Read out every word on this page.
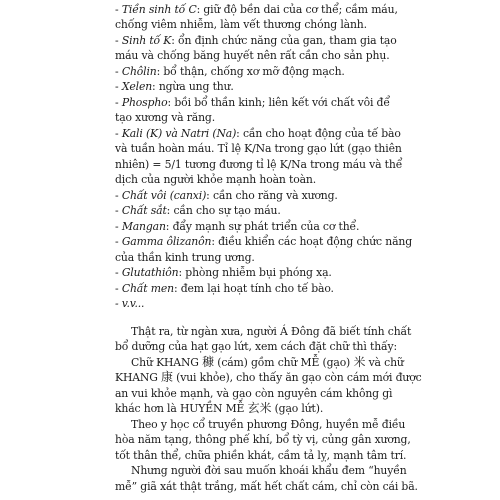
- Tiền sinh tố C: giữ độ bền dai của cơ thể; cầm máu,
chống viêm nhiễm, làm vết thương chóng lành.
- Sinh tố K: ổn định chức năng của gan, tham gia tạo
máu và chống băng huyết nên rất cần cho sản phụ.
- Chôlin: bổ thận, chống xơ mỡ động mạch.
- Xelen: ngừa ung thư.
- Phospho: bồi bổ thần kinh; liên kết với chất vôi để
tạo xương và răng.
- Kali (K) và Natri (Na): cần cho hoạt động của tế bào
và tuần hoàn máu. Tỉ lệ K/Na trong gạo lứt (gạo thiên
nhiên) = 5/1 tương đương tỉ lệ K/Na trong máu và thể
dịch của người khỏe mạnh hoàn toàn.
- Chất vôi (canxi): cần cho răng và xương.
- Chất sắt: cần cho sự tạo máu.
- Mangan: đẩy mạnh sự phát triển của cơ thể.
- Gamma ôlizanôn: điều khiển các hoạt động chức năng
của thần kinh trung ương.
- Glutathiôn: phòng nhiễm bụi phóng xạ.
- Chất men: đem lại hoạt tính cho tế bào.
- v.v...
Thật ra, từ ngàn xưa, người Á Đông đã biết tính chất
bổ dưỡng của hạt gạo lứt, xem cách đặt chữ thì thấy:
Chữ KHANG 穅 (cám) gồm chữ MỄ (gạo) 米 và chữ
KHANG 康 (vui khỏe), cho thấy ăn gạo còn cám mới được
an vui khỏe mạnh, và gạo còn nguyên cám không gì
khác hơn là HUYỀN MỄ 玄米 (gạo lứt).
Theo y học cổ truyền phương Đông, huyền mễ điều
hòa năm tạng, thông phế khí, bổ tỳ vị, củng gân xương,
tốt thân thể, chữa phiền khát, cầm tả lỵ, mạnh tâm trí.
Nhưng người đời sau muốn khoái khẩu đem “huyền
mễ” giã xát thật trắng, mất hết chất cám, chỉ còn cái bã.
